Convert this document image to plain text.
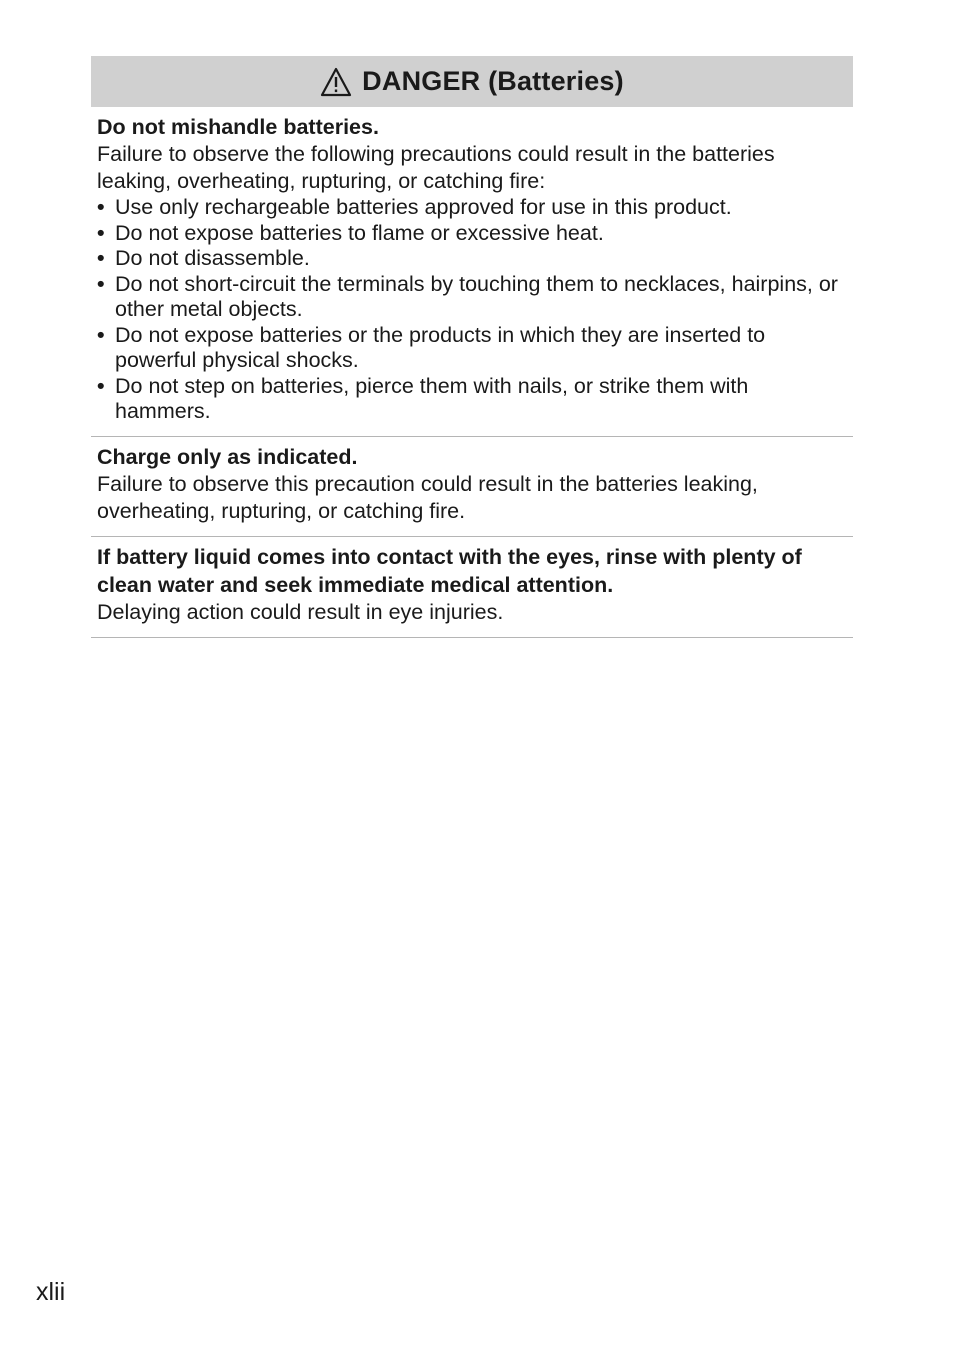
DANGER (Batteries)
Do not mishandle batteries.
Failure to observe the following precautions could result in the batteries leaking, overheating, rupturing, or catching fire:
• Use only rechargeable batteries approved for use in this product.
• Do not expose batteries to flame or excessive heat.
• Do not disassemble.
• Do not short-circuit the terminals by touching them to necklaces, hairpins, or other metal objects.
• Do not expose batteries or the products in which they are inserted to powerful physical shocks.
• Do not step on batteries, pierce them with nails, or strike them with hammers.
Charge only as indicated.
Failure to observe this precaution could result in the batteries leaking, overheating, rupturing, or catching fire.
If battery liquid comes into contact with the eyes, rinse with plenty of clean water and seek immediate medical attention.
Delaying action could result in eye injuries.
xlii
